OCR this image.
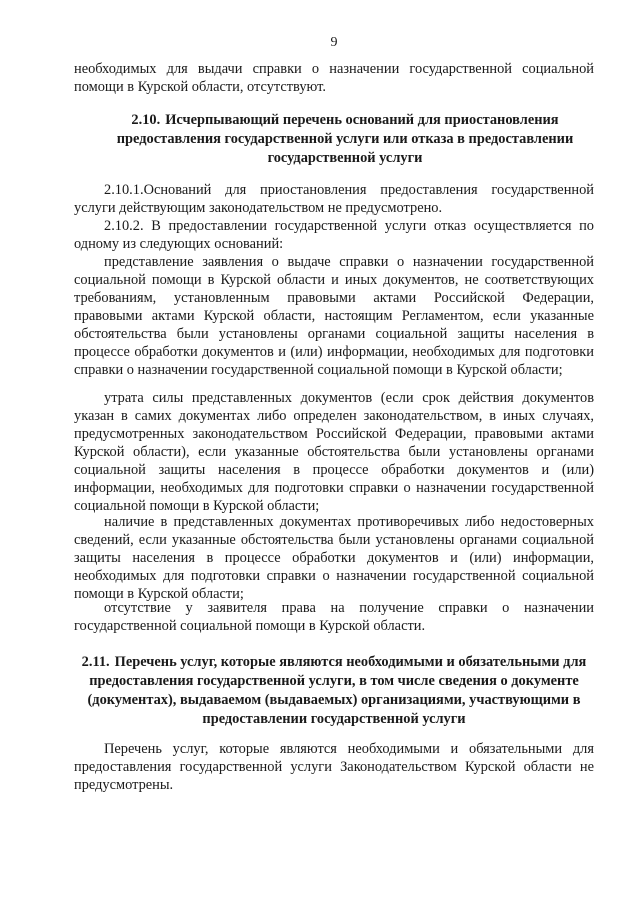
9

необходимых для выдачи справки о назначении государственной социальной помощи в Курской области, отсутствуют.

2.10. Исчерпывающий перечень оснований для приостановления предоставления государственной услуги или отказа в предоставлении государственной услуги

2.10.1.Оснований для приостановления предоставления государственной услуги действующим законодательством не предусмотрено.

2.10.2. В предоставлении государственной услуги отказ осуществляется по одному из следующих оснований:

представление заявления о выдаче справки о назначении государственной социальной помощи в Курской области и иных документов, не соответствующих требованиям, установленным правовыми актами Российской Федерации, правовыми актами Курской области, настоящим Регламентом, если указанные обстоятельства были установлены органами социальной защиты населения в процессе обработки документов и (или) информации, необходимых для подготовки справки о назначении государственной социальной помощи в Курской области;

утрата силы представленных документов (если срок действия документов указан в самих документах либо определен законодательством, в иных случаях, предусмотренных законодательством Российской Федерации, правовыми актами Курской области), если указанные обстоятельства были установлены органами социальной защиты населения в процессе обработки документов и (или) информации, необходимых для подготовки справки о назначении государственной социальной помощи в Курской области;

наличие в представленных документах противоречивых либо недостоверных сведений, если указанные обстоятельства были установлены органами социальной защиты населения в процессе обработки документов и (или) информации, необходимых для подготовки справки о назначении государственной социальной помощи в Курской области;

отсутствие у заявителя права на получение справки о назначении государственной социальной помощи в Курской области.

2.11. Перечень услуг, которые являются необходимыми и обязательными для предоставления государственной услуги, в том числе сведения о документе (документах), выдаваемом (выдаваемых) организациями, участвующими в предоставлении государственной услуги

Перечень услуг, которые являются необходимыми и обязательными для предоставления государственной услуги Законодательством Курской области не предусмотрены.
